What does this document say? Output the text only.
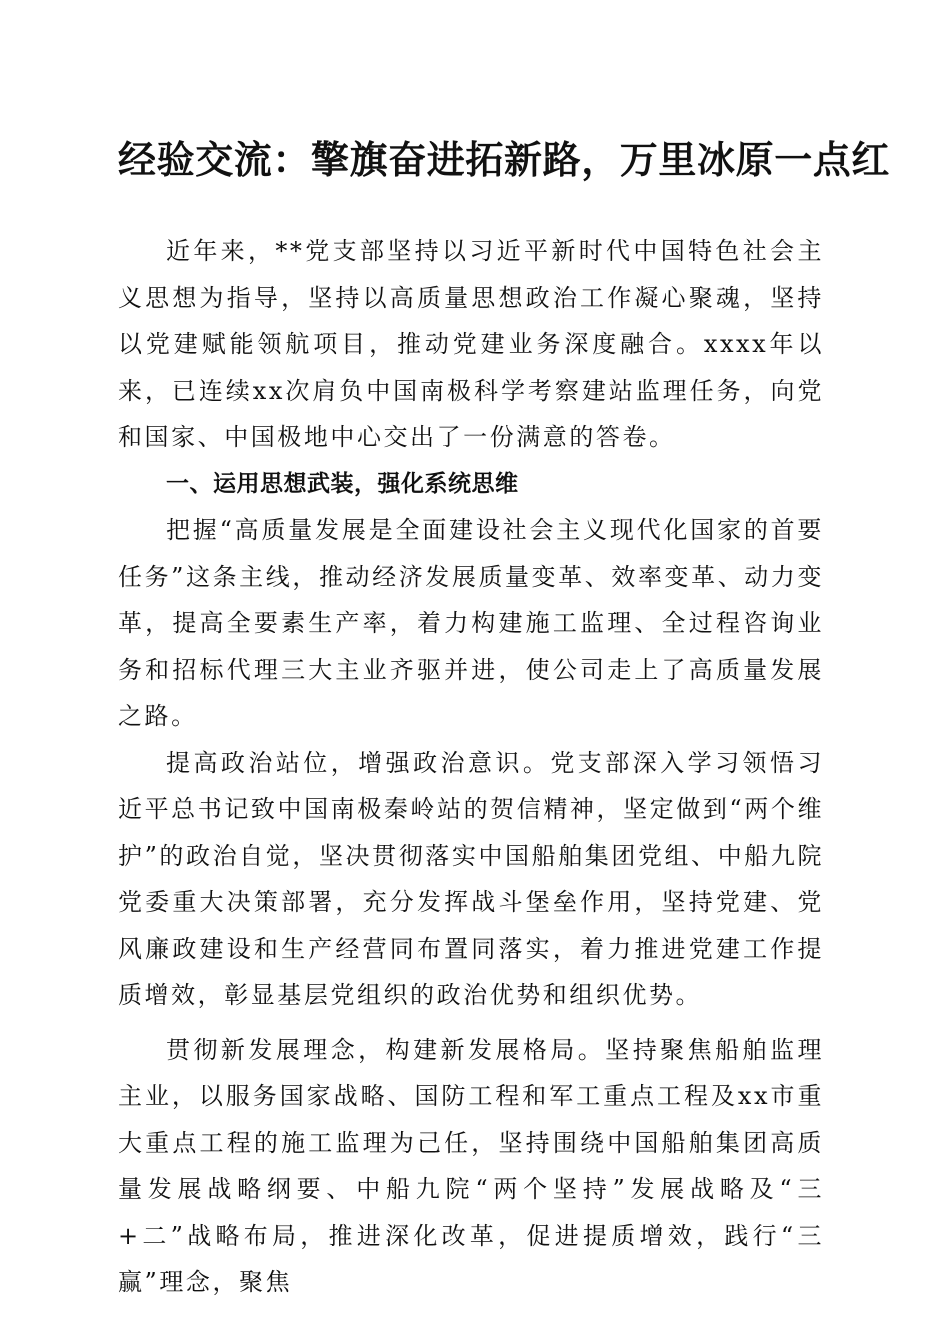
经验交流：擎旗奋进拓新路，万里冰原一点红

近年来，**党支部坚持以习近平新时代中国特色社会主义思想为指导，坚持以高质量思想政治工作凝心聚魂，坚持以党建赋能领航项目，推动党建业务深度融合。xxxx年以来，已连续xx次肩负中国南极科学考察建站监理任务，向党和国家、中国极地中心交出了一份满意的答卷。

一、运用思想武装，强化系统思维

把握“高质量发展是全面建设社会主义现代化国家的首要任务”这条主线，推动经济发展质量变革、效率变革、动力变革，提高全要素生产率，着力构建施工监理、全过程咨询业务和招标代理三大主业齐驱并进，使公司走上了高质量发展之路。

提高政治站位，增强政治意识。党支部深入学习领悟习近平总书记致中国南极秦岭站的贺信精神，坚定做到“两个维护”的政治自觉，坚决贯彻落实中国船舶集团党组、中船九院党委重大决策部署，充分发挥战斗堡垒作用，坚持党建、党风廉政建设和生产经营同布置同落实，着力推进党建工作提质增效，彰显基层党组织的政治优势和组织优势。

贯彻新发展理念，构建新发展格局。坚持聚焦船舶监理主业，以服务国家战略、国防工程和军工重点工程及xx市重大重点工程的施工监理为己任，坚持围绕中国船舶集团高质量发展战略纲要、中船九院“两个坚持”发展战略及“三+二”战略布局，推进深化改革，促进提质增效，践行“三赢”理念，聚焦
